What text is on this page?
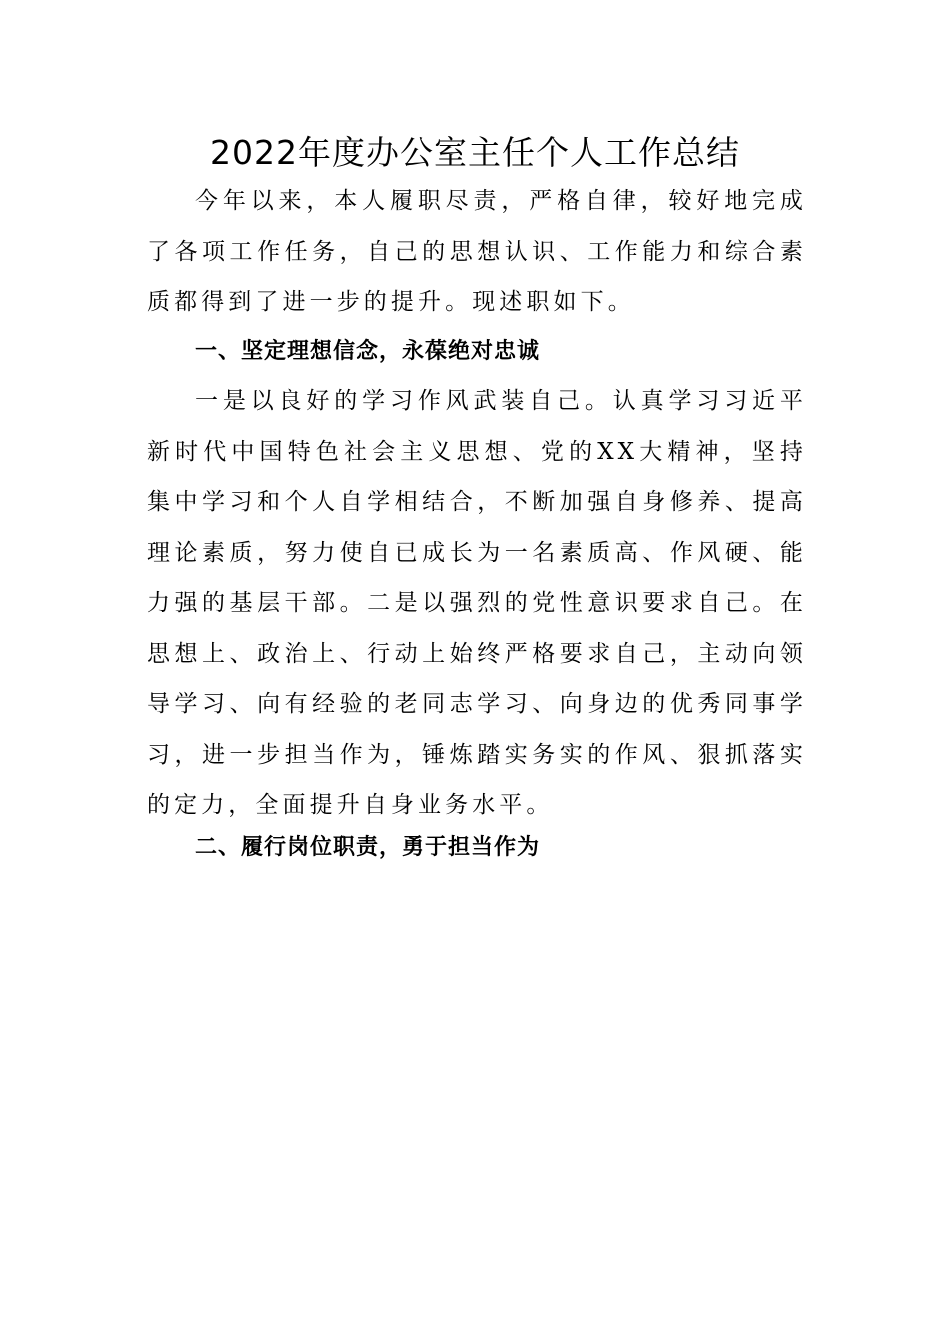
2022年度办公室主任个人工作总结

今年以来，本人履职尽责，严格自律，较好地完成了各项工作任务，自己的思想认识、工作能力和综合素质都得到了进一步的提升。现述职如下。

一、坚定理想信念，永葆绝对忠诚

一是以良好的学习作风武装自己。认真学习习近平新时代中国特色社会主义思想、党的XX大精神，坚持集中学习和个人自学相结合，不断加强自身修养、提高理论素质，努力使自已成长为一名素质高、作风硬、能力强的基层干部。二是以强烈的党性意识要求自己。在思想上、政治上、行动上始终严格要求自己，主动向领导学习、向有经验的老同志学习、向身边的优秀同事学习，进一步担当作为，锤炼踏实务实的作风、狠抓落实的定力，全面提升自身业务水平。

二、履行岗位职责，勇于担当作为
